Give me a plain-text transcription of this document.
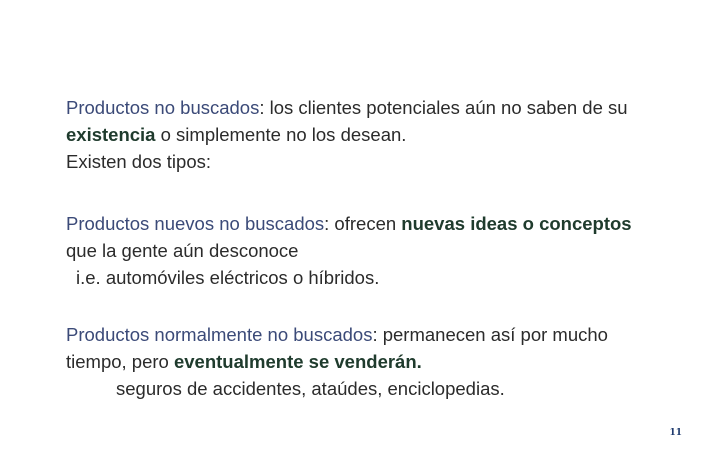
Productos no buscados: los clientes potenciales aún no saben de su
existencia o simplemente no los desean.
Existen dos tipos:
Productos nuevos no buscados: ofrecen nuevas ideas o conceptos
que la gente aún desconoce
i.e. automóviles eléctricos o híbridos.
Productos normalmente no buscados: permanecen así por mucho
tiempo, pero eventualmente se venderán.
seguros de accidentes, ataúdes, enciclopedias.
11
